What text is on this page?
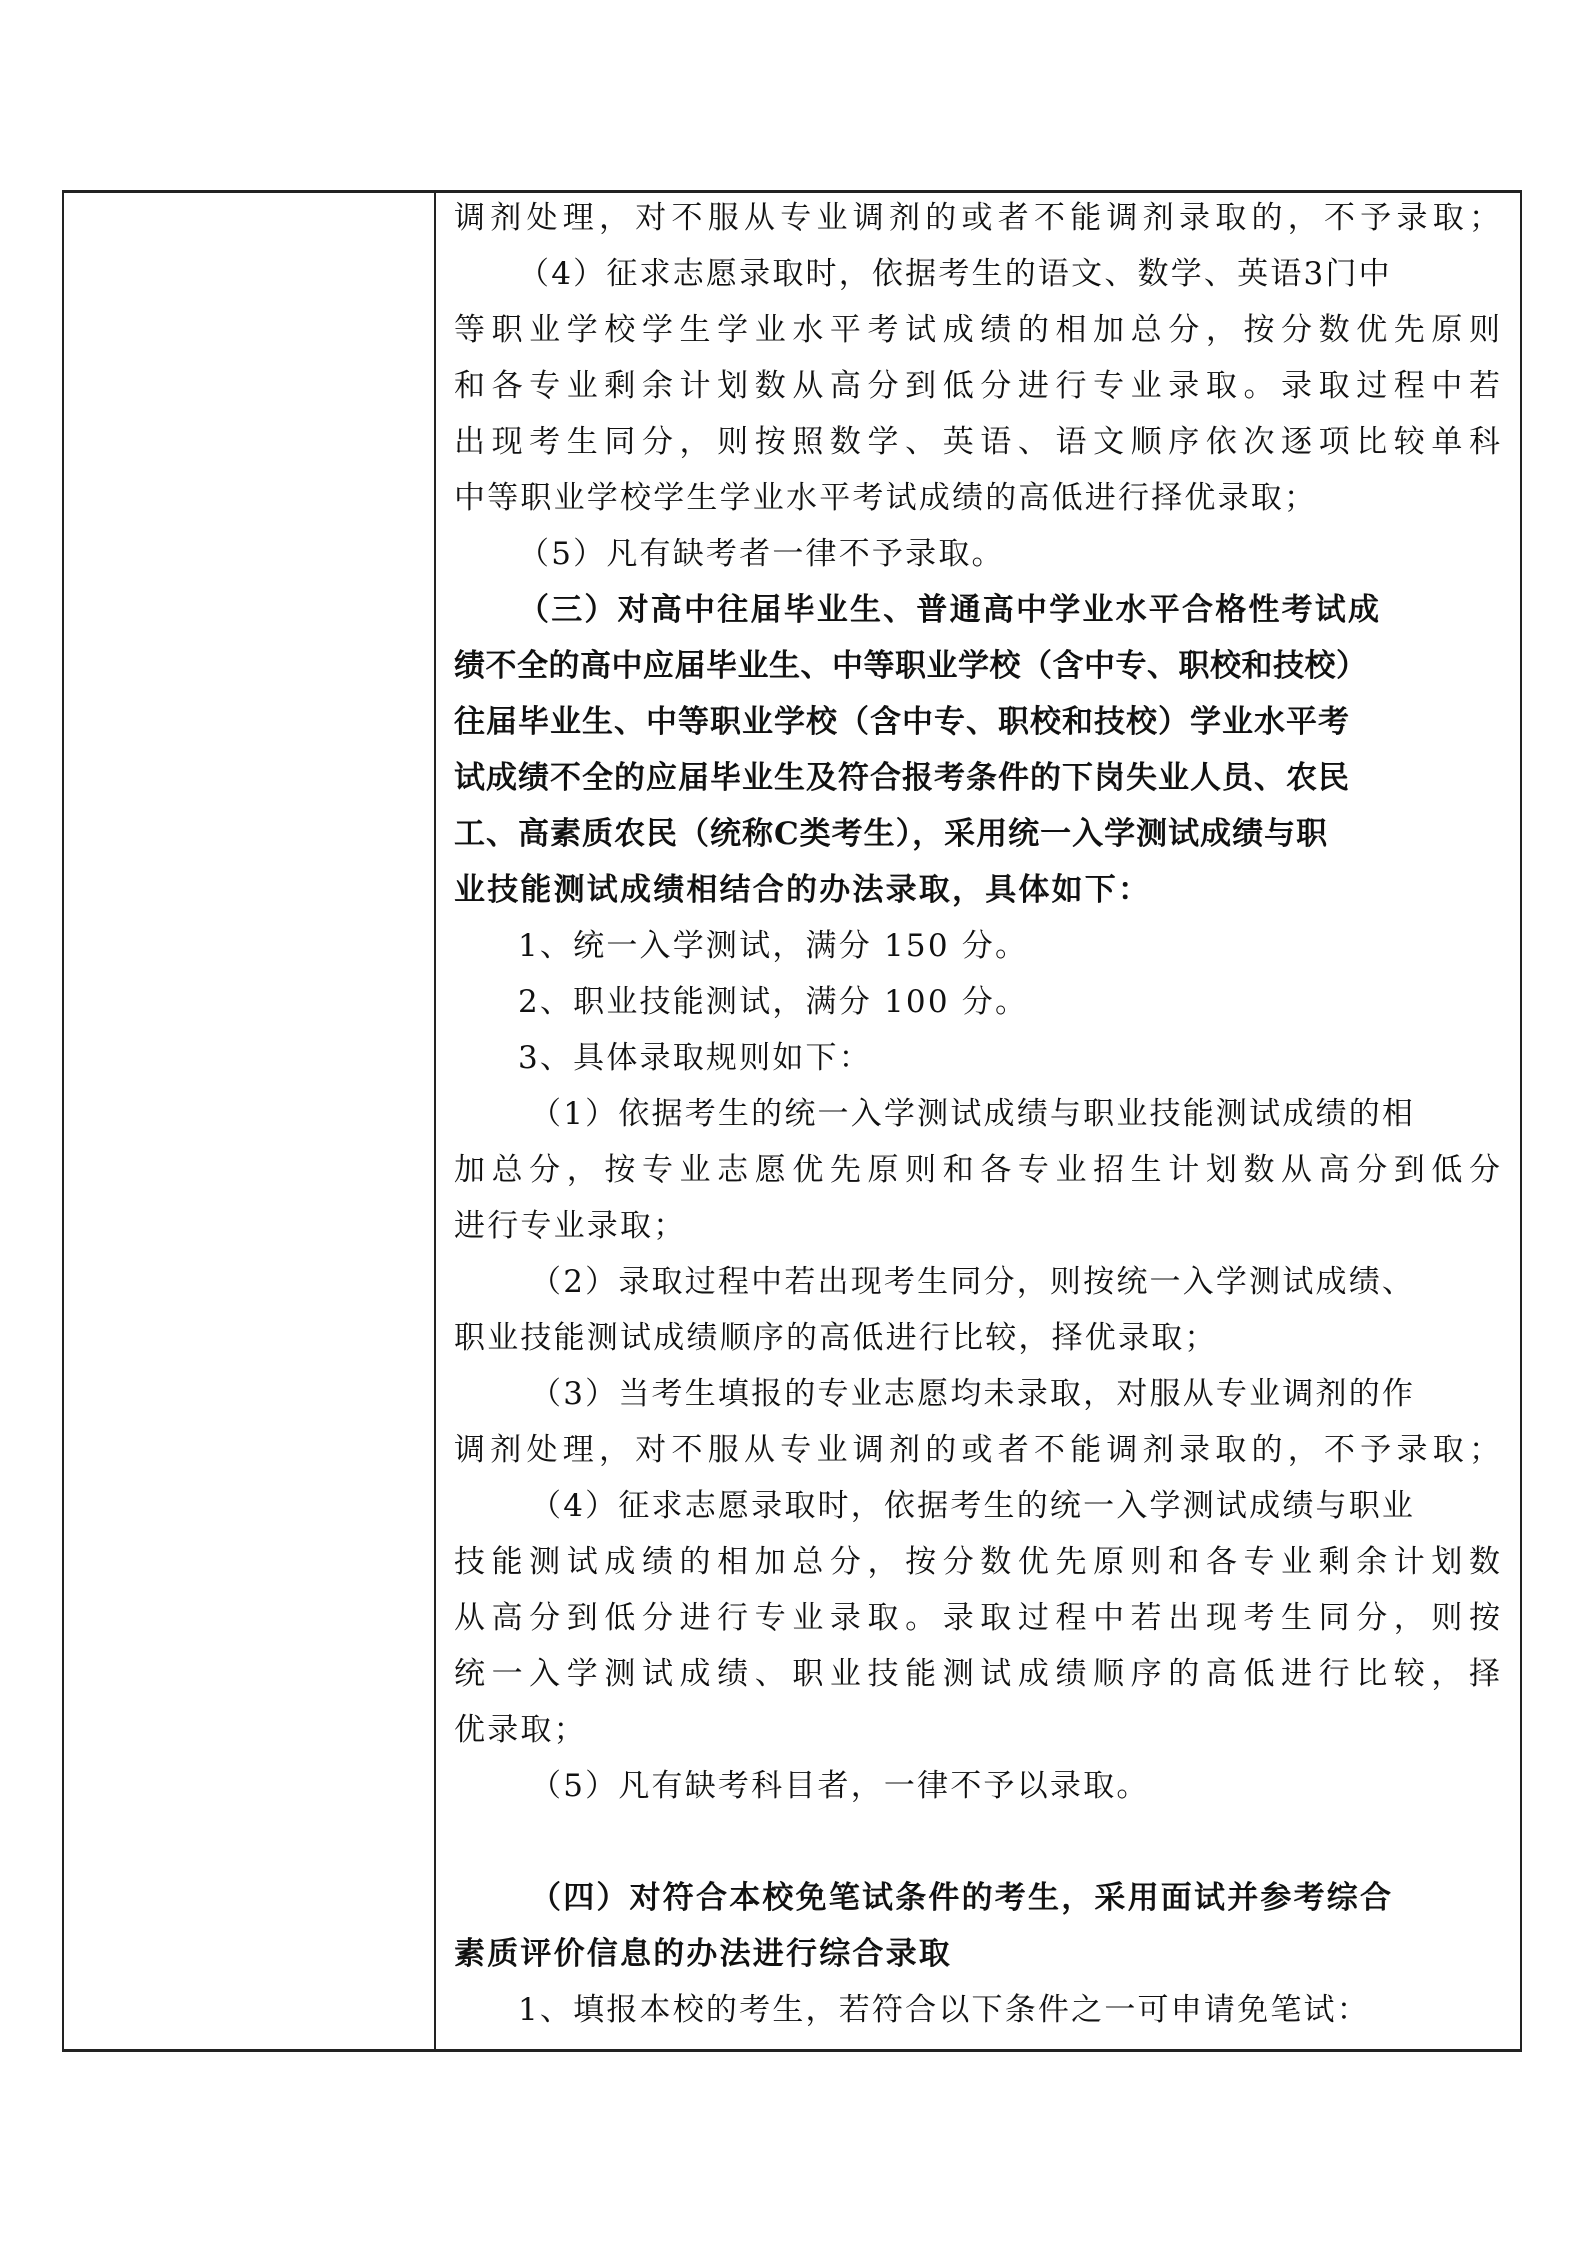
调剂处理，对不服从专业调剂的或者不能调剂录取的，不予录取；
（4）征求志愿录取时，依据考生的语文、数学、英语3门中
等职业学校学生学业水平考试成绩的相加总分，按分数优先原则
和各专业剩余计划数从高分到低分进行专业录取。录取过程中若
出现考生同分，则按照数学、英语、语文顺序依次逐项比较单科
中等职业学校学生学业水平考试成绩的高低进行择优录取；
（5）凡有缺考者一律不予录取。
（三）对高中往届毕业生、普通高中学业水平合格性考试成
绩不全的高中应届毕业生、中等职业学校（含中专、职校和技校）
往届毕业生、中等职业学校（含中专、职校和技校）学业水平考
试成绩不全的应届毕业生及符合报考条件的下岗失业人员、农民
工、高素质农民（统称C类考生），采用统一入学测试成绩与职
业技能测试成绩相结合的办法录取，具体如下：
1、统一入学测试，满分 150 分。
2、职业技能测试，满分 100 分。
3、具体录取规则如下：
（1）依据考生的统一入学测试成绩与职业技能测试成绩的相
加总分，按专业志愿优先原则和各专业招生计划数从高分到低分
进行专业录取；
（2）录取过程中若出现考生同分，则按统一入学测试成绩、
职业技能测试成绩顺序的高低进行比较，择优录取；
（3）当考生填报的专业志愿均未录取，对服从专业调剂的作
调剂处理，对不服从专业调剂的或者不能调剂录取的，不予录取；
（4）征求志愿录取时，依据考生的统一入学测试成绩与职业
技能测试成绩的相加总分，按分数优先原则和各专业剩余计划数
从高分到低分进行专业录取。录取过程中若出现考生同分，则按
统一入学测试成绩、职业技能测试成绩顺序的高低进行比较，择
优录取；
（5）凡有缺考科目者，一律不予以录取。
（四）对符合本校免笔试条件的考生，采用面试并参考综合
素质评价信息的办法进行综合录取
1、填报本校的考生，若符合以下条件之一可申请免笔试：
